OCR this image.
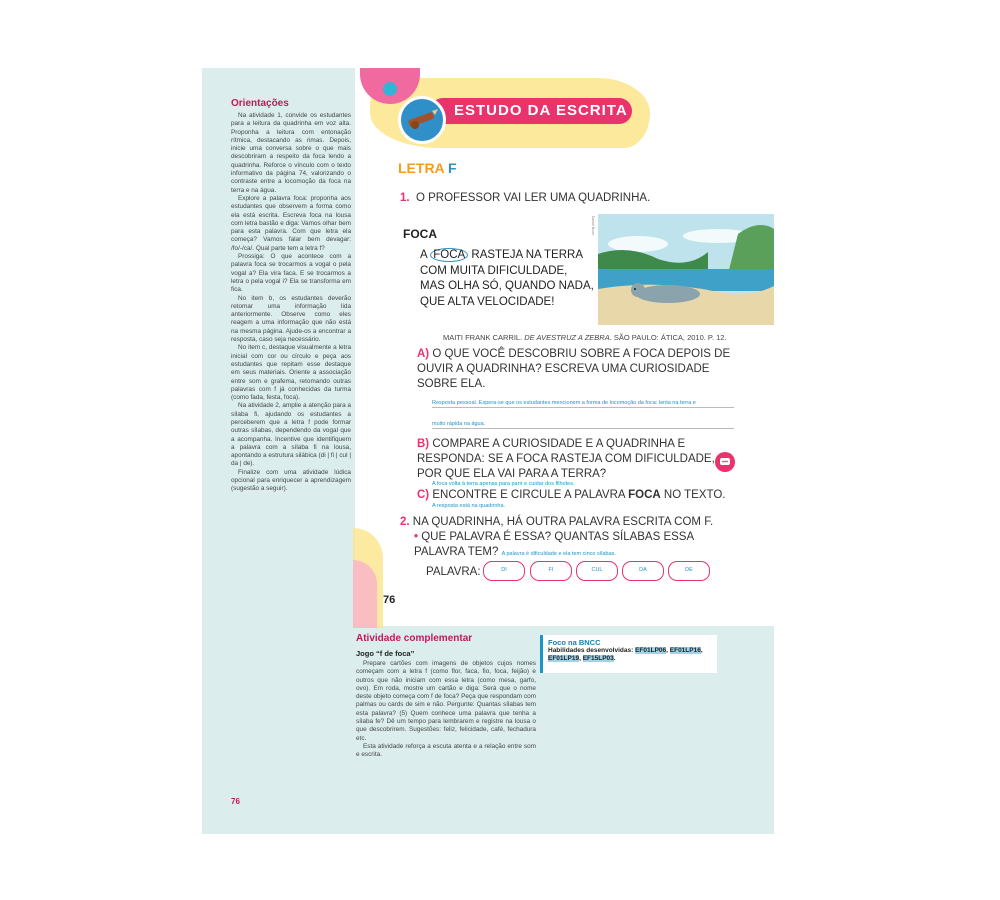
Orientações

Na atividade 1, convide os estudantes para a leitura da quadrinha em voz alta. Proponha a leitura com entonação rítmica, destacando as rimas. Depois, inicie uma conversa sobre o que mais descobriram a respeito da foca lendo a quadrinha. Reforce o vínculo com o texto informativo da página 74, valorizando o contraste entre a locomoção da foca na terra e na água.

Explore a palavra foca: proponha aos estudantes que observem a forma como ela está escrita. Escreva foca na lousa com letra bastão e diga: Vamos olhar bem para esta palavra. Com que letra ela começa? Vamos falar bem devagar: /fo/-/ca/. Qual parte tem a letra f?

Prossiga: O que acontece com a palavra foca se trocarmos a vogal o pela vogal a? Ela vira faca. E se trocarmos a letra o pela vogal i? Ela se transforma em fica.

No item b, os estudantes deverão retomar uma informação lida anteriormente. Observe como eles reagem a uma informação que não está na mesma página. Ajude-os a encontrar a resposta, caso seja necessário.

No item c, destaque visualmente a letra inicial com cor ou círculo e peça aos estudantes que repitam esse destaque em seus materiais. Oriente a associação entre som e grafema, retomando outras palavras com f já conhecidas da turma (como fada, festa, foca).

Na atividade 2, amplie a atenção para a sílaba fi, ajudando os estudantes a perceberem que a letra f pode formar outras sílabas, dependendo da vogal que a acompanha. Incentive que identifiquem a palavra com a sílaba fi na lousa, apontando a estrutura silábica (di | fi | cul | da | de).

Finalize com uma atividade lúdica opcional para enriquecer a aprendizagem (sugestão a seguir).

76
ESTUDO DA ESCRITA
LETRA F
1. O PROFESSOR VAI LER UMA QUADRINHA.
FOCA
A FOCA RASTEJA NA TERRA
COM MUITA DIFICULDADE,
MAS OLHA SÓ, QUANDO NADA,
QUE ALTA VELOCIDADE!
Daniel Brum
MAITI FRANK CARRIL. DE AVESTRUZ A ZEBRA. SÃO PAULO: ÁTICA, 2010. P. 12.
A) O QUE VOCÊ DESCOBRIU SOBRE A FOCA DEPOIS DE OUVIR A QUADRINHA? ESCREVA UMA CURIOSIDADE SOBRE ELA.
Resposta pessoal. Espera-se que os estudantes mencionem a forma de locomoção da foca: lenta na terra e
muito rápida na água.
B) COMPARE A CURIOSIDADE E A QUADRINHA E RESPONDA: SE A FOCA RASTEJA COM DIFICULDADE, POR QUE ELA VAI PARA A TERRA?
A foca volta à terra apenas para parir e cuidar dos filhotes.
C) ENCONTRE E CIRCULE A PALAVRA FOCA NO TEXTO.
A resposta está na quadrinha.
2. NA QUADRINHA, HÁ OUTRA PALAVRA ESCRITA COM F.
• QUE PALAVRA É ESSA? QUANTAS SÍLABAS ESSA PALAVRA TEM? A palavra é dificuldade e ela tem cinco sílabas.
PALAVRA:	DI	FI	CUL	DA	DE
76
Atividade complementar
Jogo “f de foca”

Prepare cartões com imagens de objetos cujos nomes começam com a letra f (como flor, faca, fio, foca, feijão) e outros que não iniciam com essa letra (como mesa, garfo, ovo). Em roda, mostre um cartão e diga: Será que o nome deste objeto começa com f de foca? Peça que respondam com palmas ou cards de sim e não. Pergunte: Quantas sílabas tem esta palavra? (5) Quem conhece uma palavra que tenha a sílaba fe? Dê um tempo para lembrarem e registre na lousa o que descobrirem. Sugestões: feliz, felicidade, café, fechadura etc.

Esta atividade reforça a escuta atenta e a relação entre som e escrita.

Foco na BNCC
Habilidades desenvolvidas: EF01LP06, EF01LP16, EF01LP19, EF15LP03.
